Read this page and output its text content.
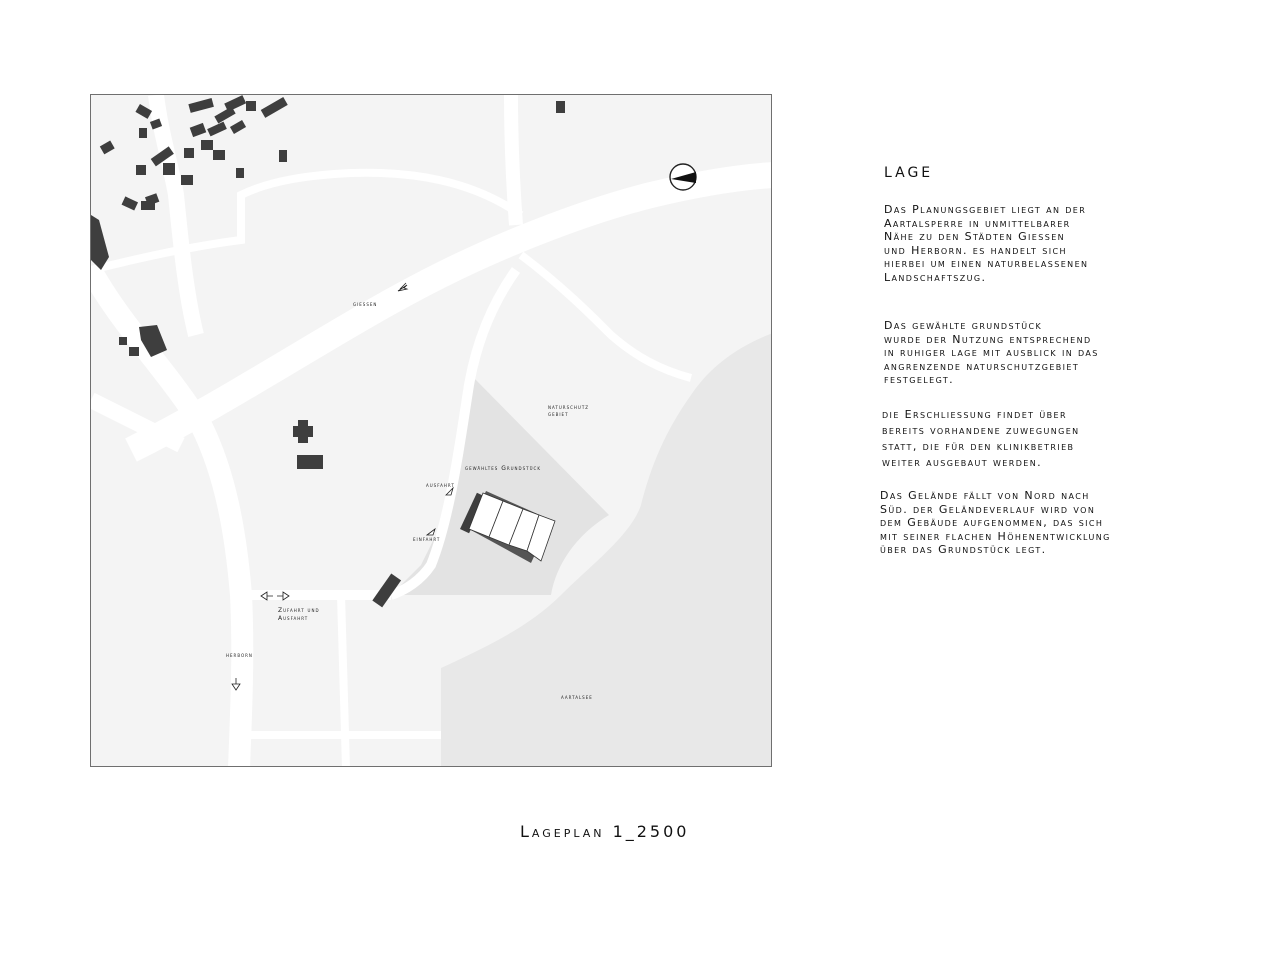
giessen
naturschutz
gebiet
gewähltes Grundstück
ausfahrt
einfahrt
Zufahrt und
Ausfahrt
herborn
aartalsee
LAGE

Das Planungsgebiet liegt an der
Aartalsperre in unmittelbarer
Nähe zu den Städten Giessen
und Herborn. es handelt sich
hierbei um einen naturbelassenen
Landschaftszug.

Das gewählte grundstück
wurde der Nutzung entsprechend
in ruhiger lage mit ausblick in das
angrenzende naturschutzgebiet
festgelegt.

die Erschliessung findet über
bereits vorhandene zuwegungen
statt, die für den klinikbetrieb
weiter ausgebaut werden.

Das Gelände fällt von Nord nach
Süd. der Geländeverlauf wird von
dem Gebäude aufgenommen, das sich
mit seiner flachen Höhenentwicklung
über das Grundstück legt.

Lageplan 1_2500
